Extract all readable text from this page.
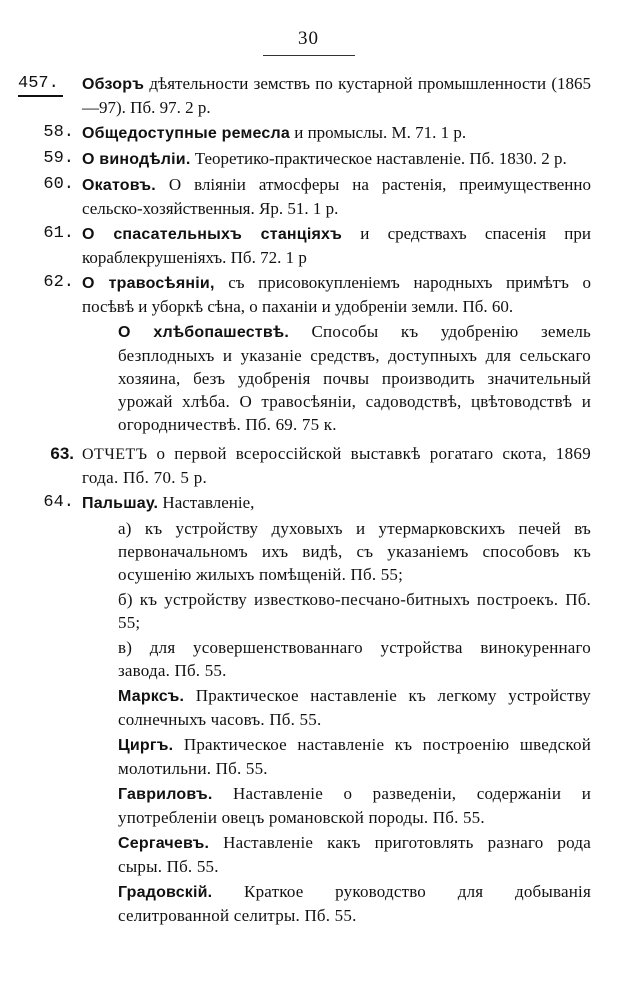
30
457. Обзоръ дѣятельности земствъ по кустарной промышленности (1865—97). Пб. 97. 2 р.
58. Общедоступные ремесла и промыслы. М. 71. 1 р.
59. О винодѣліи. Теоретико-практическое наставленіе. Пб. 1830. 2 р.
60. Окатовъ. О вліяніи атмосферы на растенія, преимущественно сельско-хозяйственныя. Яр. 51. 1 р.
61. О спасательныхъ станціяхъ и средствахъ спасенія при кораблекрушеніяхъ. Пб. 72. 1 р
62. О травосѣяніи, съ присовокупленіемъ народныхъ примѣтъ о посѣвѣ и уборкѣ сѣна, о паханіи и удобреніи земли. Пб. 60.
О хлѣбопашествѣ. Способы къ удобренію земель безплодныхъ и указаніе средствъ, доступныхъ для сельскаго хозяина, безъ удобренія почвы производить значительный урожай хлѣба. О травосѣяніи, садоводствѣ, цвѣтоводствѣ и огородничествѣ. Пб. 69. 75 к.
63. ОТЧЕТЪ о первой всероссійской выставкѣ рогатаго скота, 1869 года. Пб. 70. 5 р.
64. Пальшау. Наставленіе,
а) къ устройству духовыхъ и утермарковскихъ печей въ первоначальномъ ихъ видѣ, съ указаніемъ способовъ къ осушенію жилыхъ помѣщеній. Пб. 55;
б) къ устройству известково-песчано-битныхъ построекъ. Пб. 55;
в) для усовершенствованнаго устройства винокуреннаго завода. Пб. 55.
Марксъ. Практическое наставленіе къ легкому устройству солнечныхъ часовъ. Пб. 55.
Циргъ. Практическое наставленіе къ построенію шведской молотильни. Пб. 55.
Гавриловъ. Наставленіе о разведеніи, содержаніи и употребленіи овецъ романовской породы. Пб. 55.
Сергачевъ. Наставленіе какъ приготовлять разнаго рода сыры. Пб. 55.
Градовскій. Краткое руководство для добыванія селитрованной селитры. Пб. 55.
